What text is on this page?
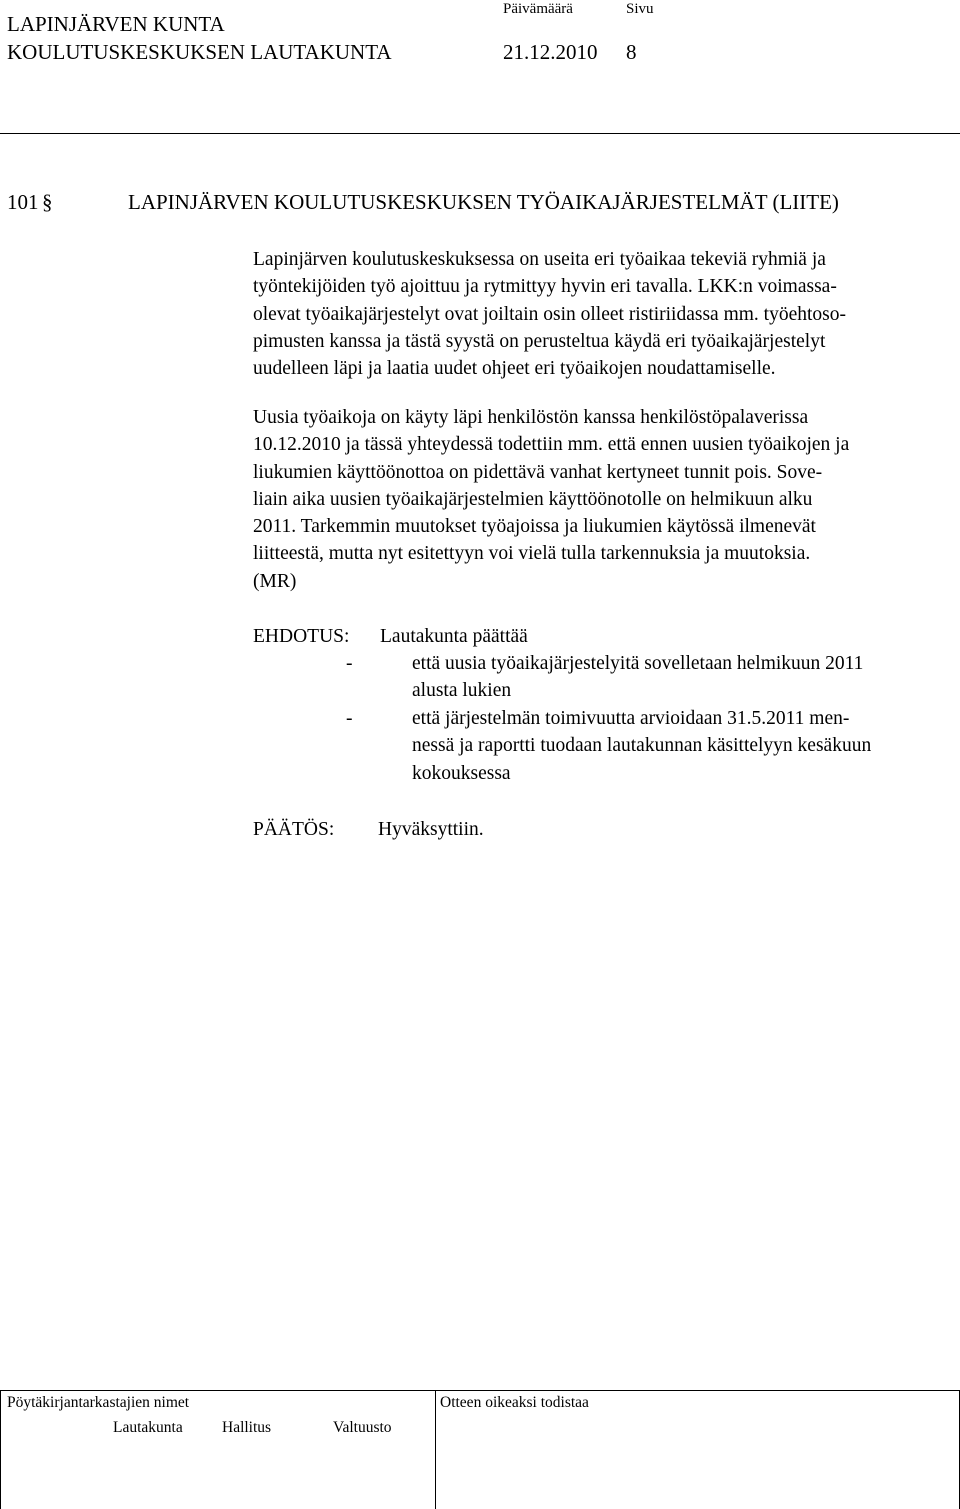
LAPINJÄRVEN KUNTA
KOULUTUSKESKUKSEN LAUTAKUNTA
Päivämäärä	Sivu
21.12.2010 8
101 §	LAPINJÄRVEN KOULUTUSKESKUKSEN TYÖAIKAJÄRJESTELMÄT (LIITE)
Lapinjärven koulutuskeskuksessa on useita eri työaikaa tekeviä ryhmiä ja
työntekijöiden työ ajoittuu ja rytmittyy hyvin eri tavalla. LKK:n voimassa-
olevat työaikajärjestelyt ovat joiltain osin olleet ristiriidassa mm. työehtoso-
pimusten kanssa ja tästä syystä on perusteltua käydä eri työaikajärjestelyt
uudelleen läpi ja laatia uudet ohjeet eri työaikojen noudattamiselle.
Uusia työaikoja on käyty läpi henkilöstön kanssa henkilöstöpalaverissa
10.12.2010 ja tässä yhteydessä todettiin mm. että ennen uusien työaikojen ja
liukumien käyttöönottoa on pidettävä vanhat kertyneet tunnit pois. Sove-
liain aika uusien työaikajärjestelmien käyttöönotolle on helmikuun alku
2011. Tarkemmin muutokset työajoissa ja liukumien käytössä ilmenevät
liitteestä, mutta nyt esitettyyn voi vielä tulla tarkennuksia ja muutoksia.
(MR)
EHDOTUS: Lautakunta päättää
-	että uusia työaikajärjestelyitä sovelletaan helmikuun 2011
alusta lukien
-	että järjestelmän toimivuutta arvioidaan 31.5.2011 men-
nessä ja raportti tuodaan lautakunnan käsittelyyn kesäkuun
kokouksessa
PÄÄTÖS: Hyväksyttiin.
Pöytäkirjantarkastajien nimet	Otteen oikeaksi todistaa
Lautakunta	Hallitus	Valtuusto
